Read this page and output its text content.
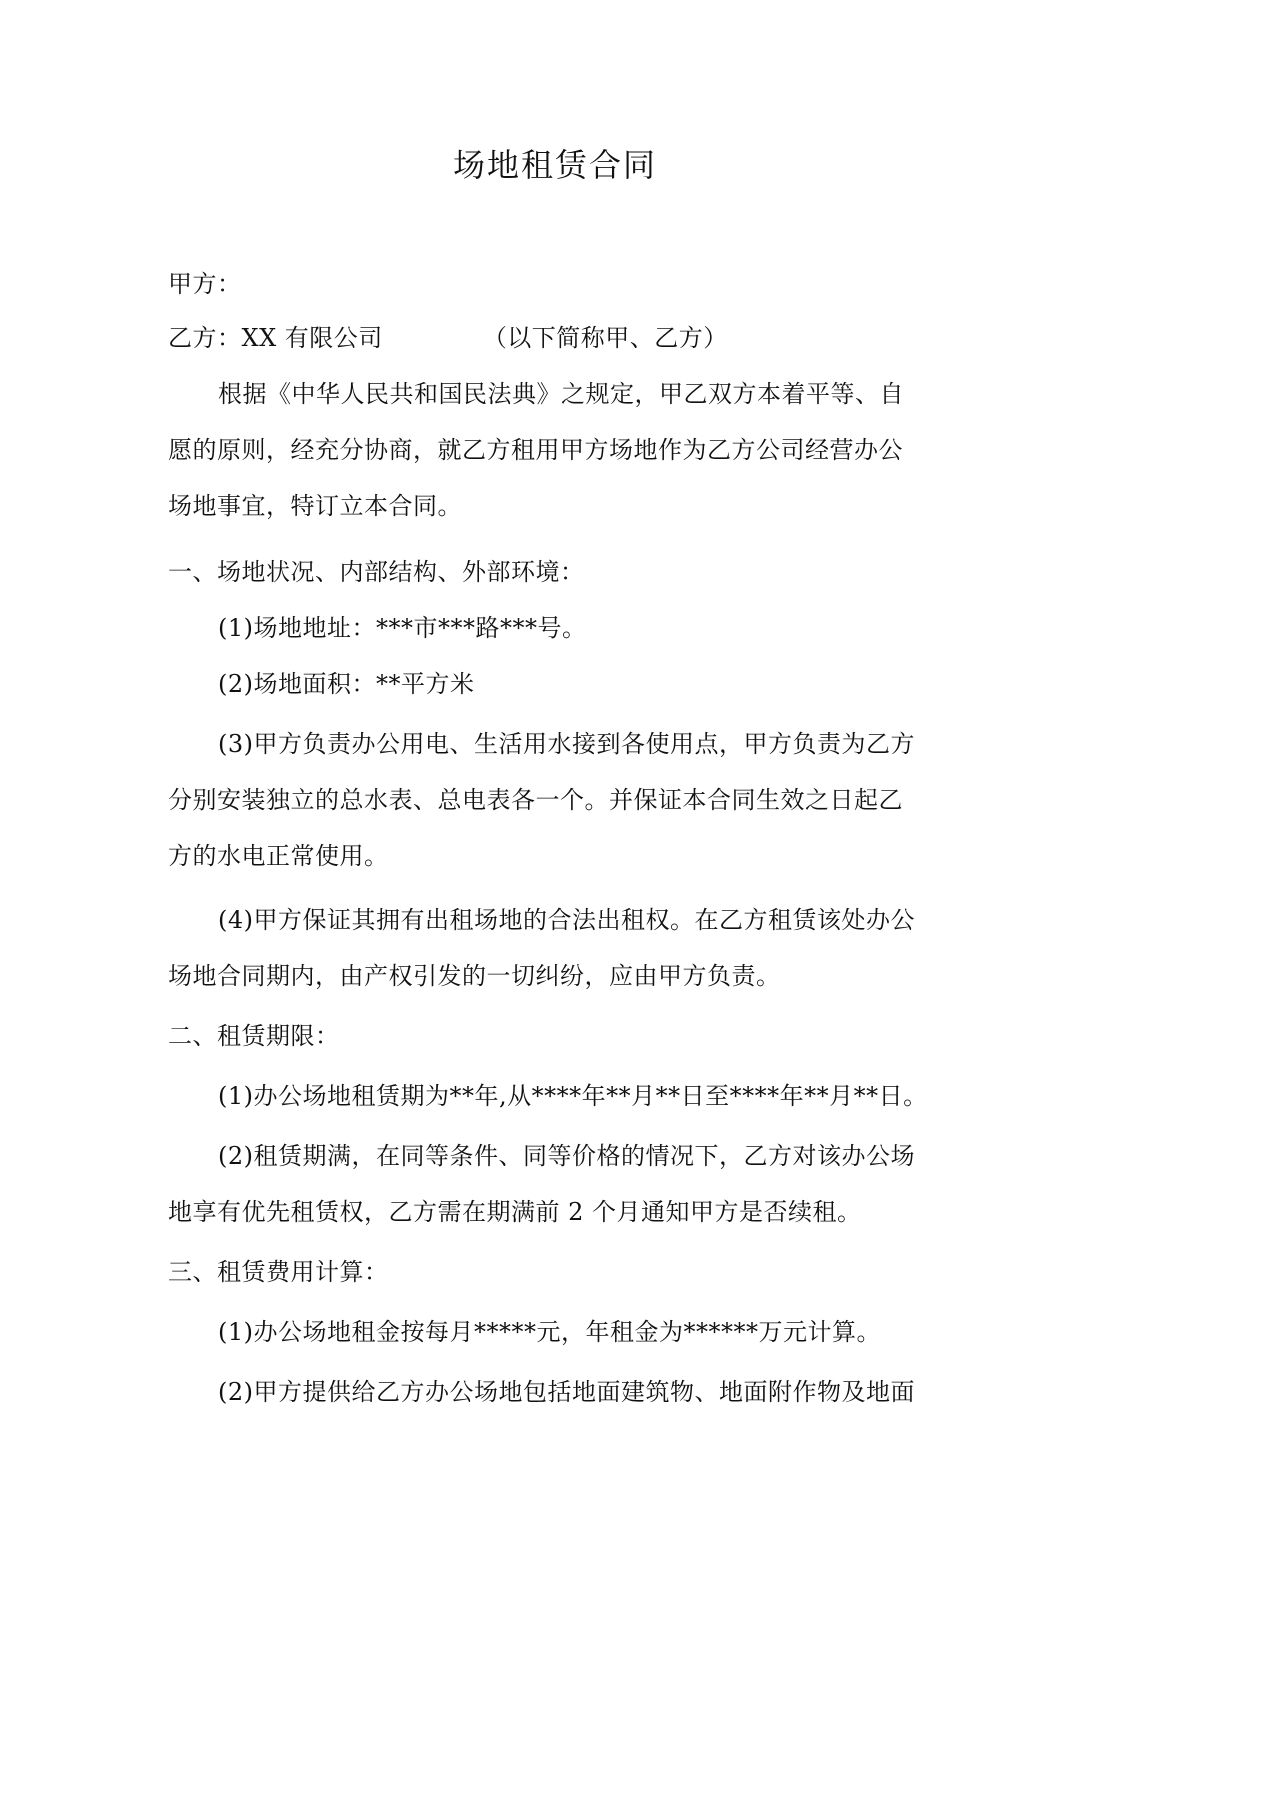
场地租赁合同
甲方：
乙方：XX 有限公司	（以下简称甲、乙方）
根据《中华人民共和国民法典》之规定，甲乙双方本着平等、自
愿的原则，经充分协商，就乙方租用甲方场地作为乙方公司经营办公
场地事宜，特订立本合同。
一、场地状况、内部结构、外部环境：
(1)场地地址：***市***路***号。
(2)场地面积：**平方米
(3)甲方负责办公用电、生活用水接到各使用点，甲方负责为乙方
分别安装独立的总水表、总电表各一个。并保证本合同生效之日起乙
方的水电正常使用。
(4)甲方保证其拥有出租场地的合法出租权。在乙方租赁该处办公
场地合同期内，由产权引发的一切纠纷，应由甲方负责。
二、租赁期限：
(1)办公场地租赁期为**年,从****年**月**日至****年**月**日。
(2)租赁期满，在同等条件、同等价格的情况下，乙方对该办公场
地享有优先租赁权，乙方需在期满前 2 个月通知甲方是否续租。
三、租赁费用计算：
(1)办公场地租金按每月*****元，年租金为******万元计算。
(2)甲方提供给乙方办公场地包括地面建筑物、地面附作物及地面
